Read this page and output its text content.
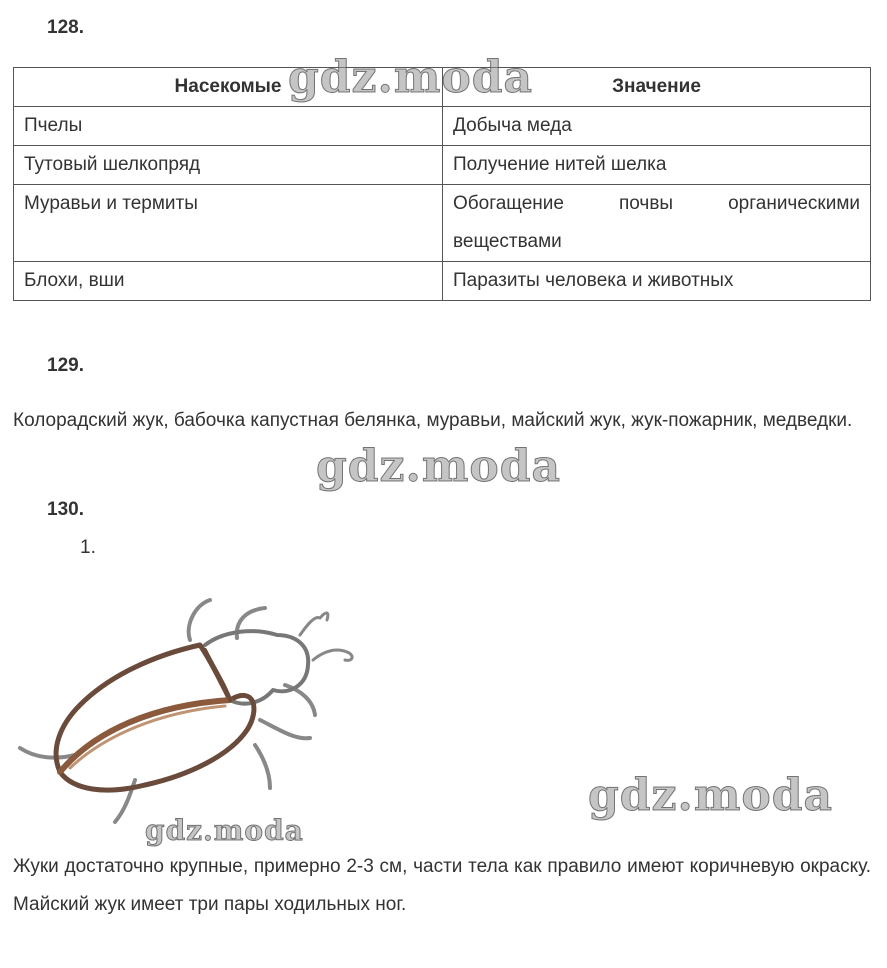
128.
Насекомые	Значение
Пчелы	Добыча меда
Тутовый шелкопряд	Получение нитей шелка
Муравьи и термиты	Обогащение почвы органическими веществами
Блохи, вши	Паразиты человека и животных
129.
Колорадский жук, бабочка капустная белянка, муравьи, майский жук, жук-пожарник, медведки.
130.
1.
Жуки достаточно крупные, примерно 2-3 см, части тела как правило имеют коричневую окраску. Майский жук имеет три пары ходильных ног.
gdz.moda
gdz.moda
gdz.moda
gdz.moda
